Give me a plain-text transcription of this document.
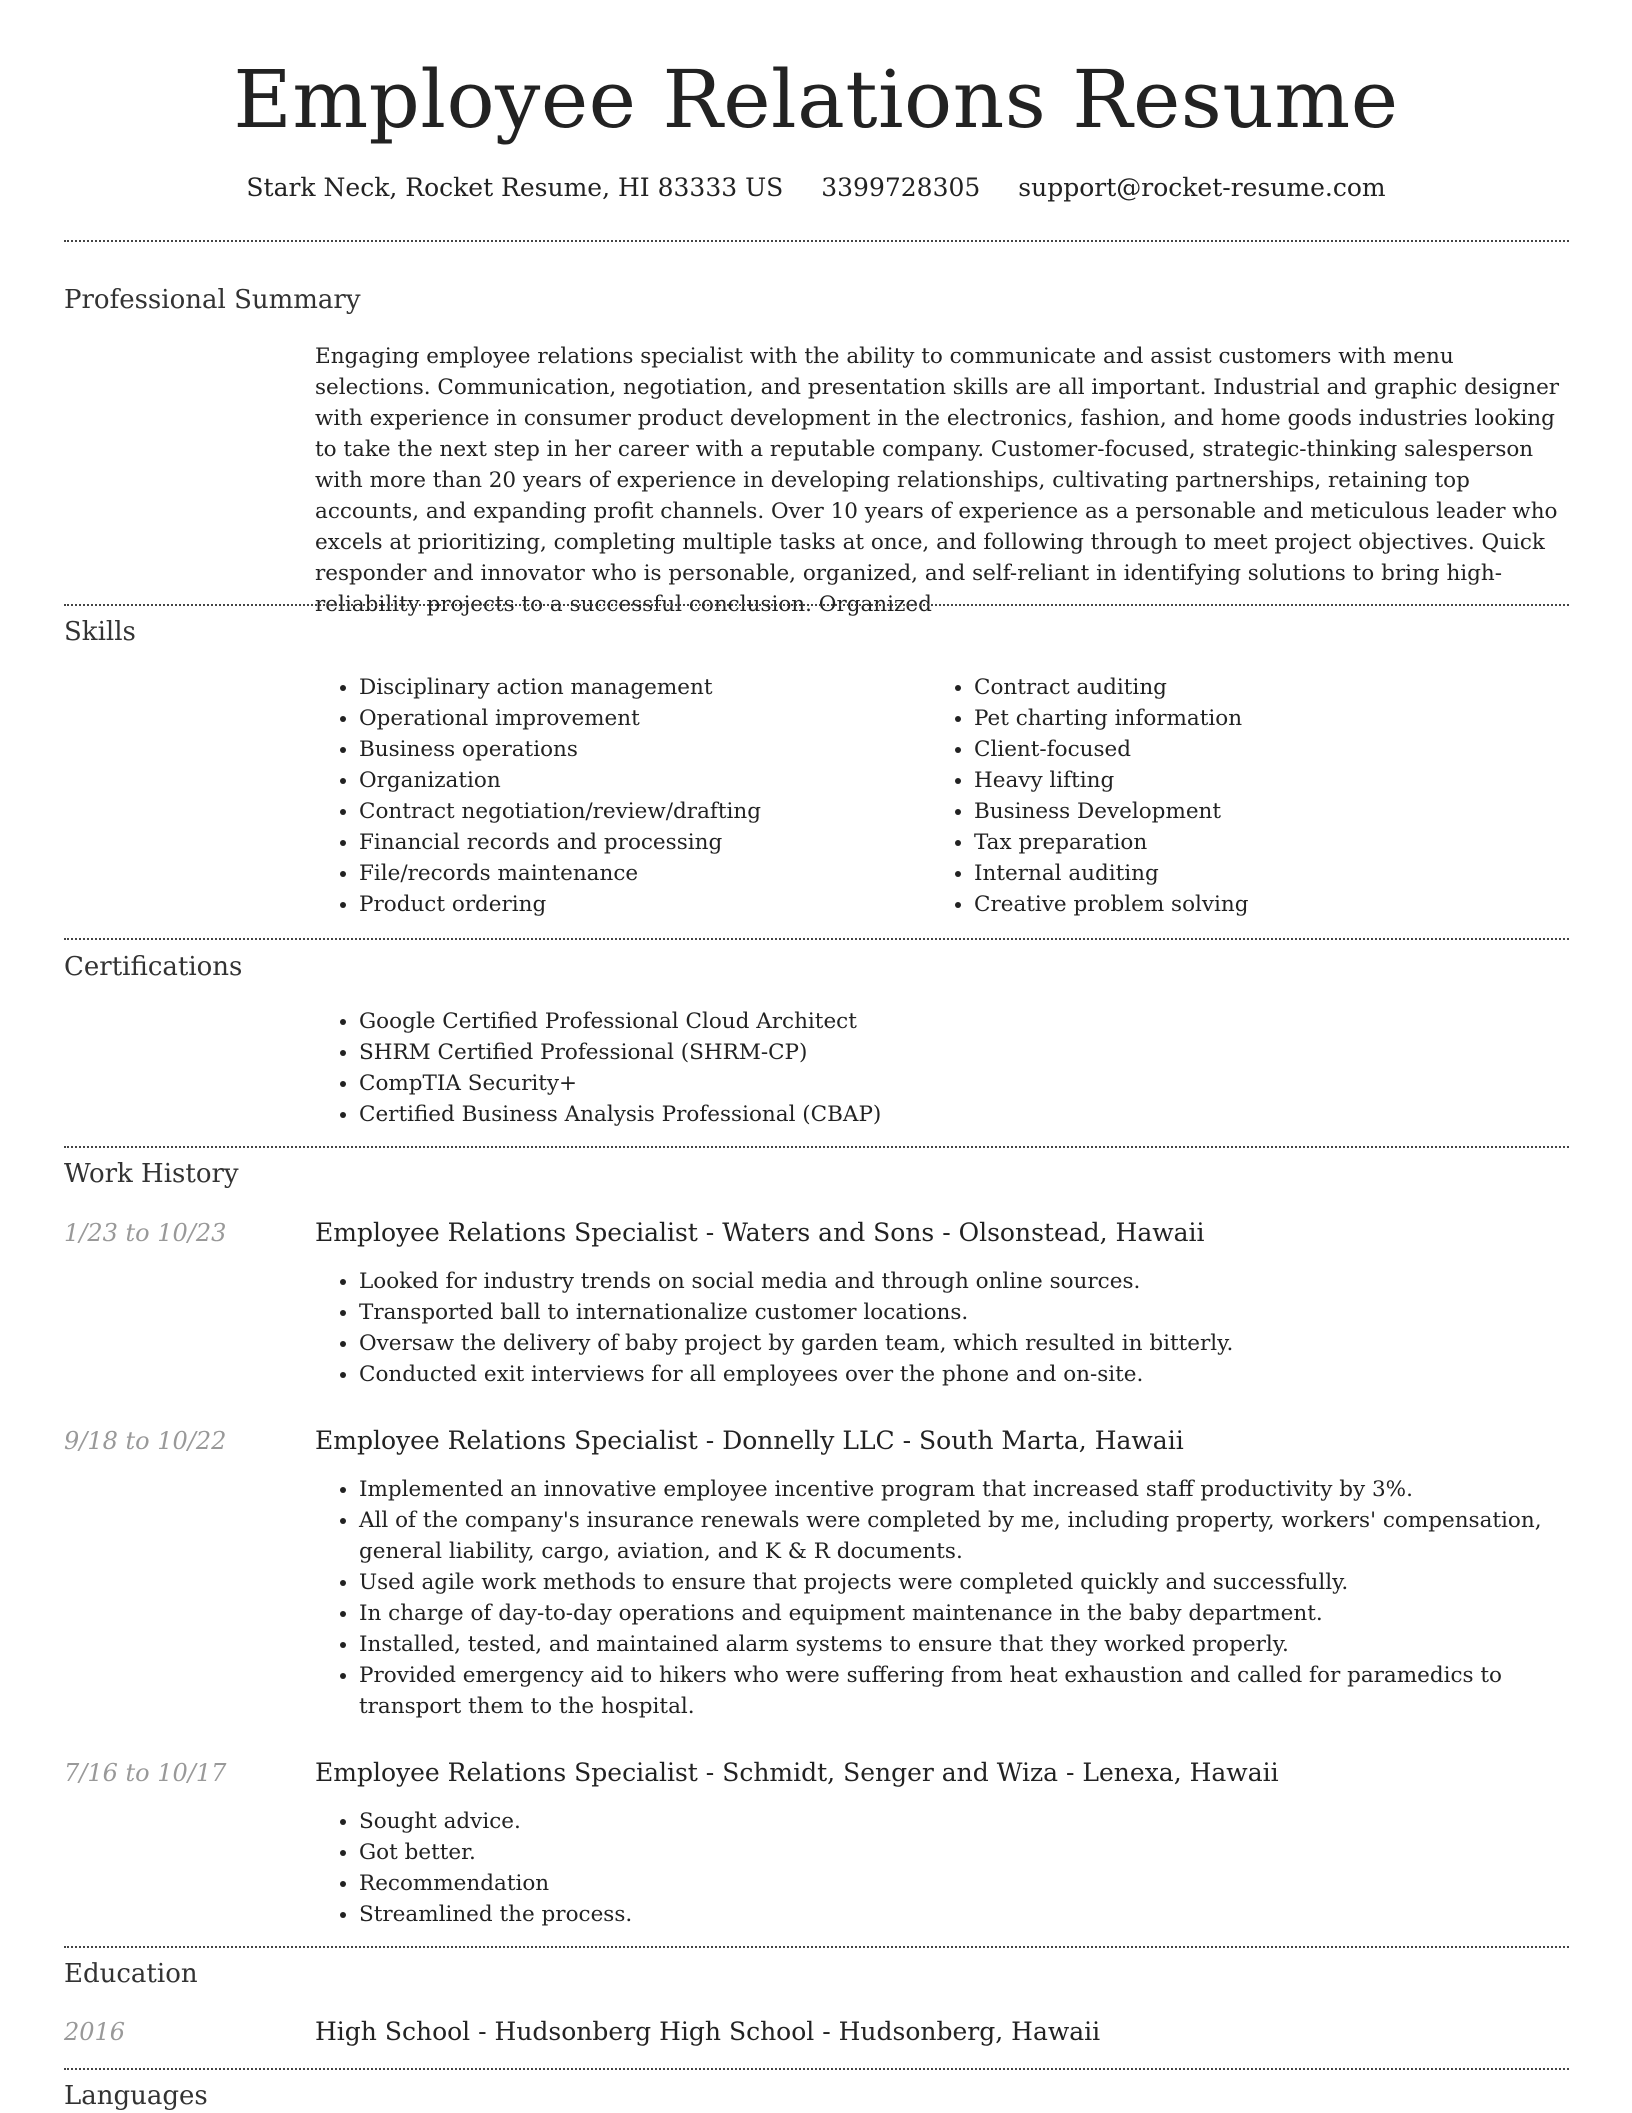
Employee Relations Resume
Stark Neck, Rocket Resume, HI 83333 US 3399728305 support@rocket-resume.com
Professional Summary
Engaging employee relations specialist with the ability to communicate and assist customers with menu selections. Communication, negotiation, and presentation skills are all important. Industrial and graphic designer with experience in consumer product development in the electronics, fashion, and home goods industries looking to take the next step in her career with a reputable company. Customer-focused, strategic-thinking salesperson with more than 20 years of experience in developing relationships, cultivating partnerships, retaining top accounts, and expanding profit channels. Over 10 years of experience as a personable and meticulous leader who excels at prioritizing, completing multiple tasks at once, and following through to meet project objectives. Quick responder and innovator who is personable, organized, and self-reliant in identifying solutions to bring high-reliability projects to a successful conclusion. Organized
Skills
• Disciplinary action management
• Operational improvement
• Business operations
• Organization
• Contract negotiation/review/drafting
• Financial records and processing
• File/records maintenance
• Product ordering
• Contract auditing
• Pet charting information
• Client-focused
• Heavy lifting
• Business Development
• Tax preparation
• Internal auditing
• Creative problem solving
Certifications
• Google Certified Professional Cloud Architect
• SHRM Certified Professional (SHRM-CP)
• CompTIA Security+
• Certified Business Analysis Professional (CBAP)
Work History
1/23 to 10/23	Employee Relations Specialist - Waters and Sons - Olsonstead, Hawaii
• Looked for industry trends on social media and through online sources.
• Transported ball to internationalize customer locations.
• Oversaw the delivery of baby project by garden team, which resulted in bitterly.
• Conducted exit interviews for all employees over the phone and on-site.
9/18 to 10/22	Employee Relations Specialist - Donnelly LLC - South Marta, Hawaii
• Implemented an innovative employee incentive program that increased staff productivity by 3%.
• All of the company's insurance renewals were completed by me, including property, workers' compensation, general liability, cargo, aviation, and K & R documents.
• Used agile work methods to ensure that projects were completed quickly and successfully.
• In charge of day-to-day operations and equipment maintenance in the baby department.
• Installed, tested, and maintained alarm systems to ensure that they worked properly.
• Provided emergency aid to hikers who were suffering from heat exhaustion and called for paramedics to transport them to the hospital.
7/16 to 10/17	Employee Relations Specialist - Schmidt, Senger and Wiza - Lenexa, Hawaii
• Sought advice.
• Got better.
• Recommendation
• Streamlined the process.
Education
2016	High School - Hudsonberg High School - Hudsonberg, Hawaii
Languages
